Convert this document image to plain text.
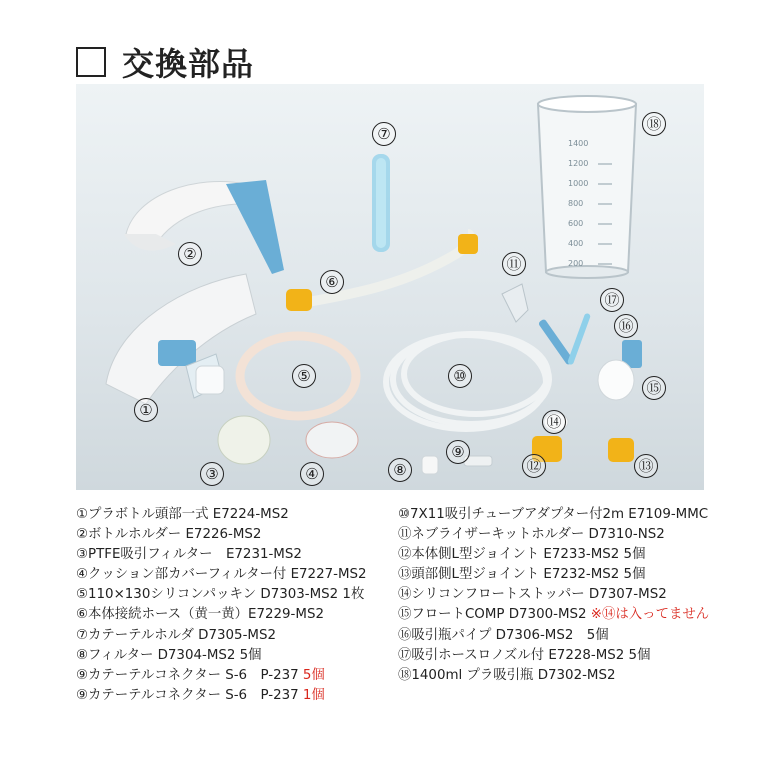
交換部品
1400
1200
1000
800
600
400
200
①
②
③	④
⑤
⑥
⑦
⑧
⑨
⑩
⑪
⑫	⑬
⑭
⑮
⑯
⑰
⑱
①プラボトル頭部一式 E7224-MS2
②ボトルホルダー E7226-MS2
③PTFE吸引フィルター　E7231-MS2
④クッション部カバーフィルター付 E7227-MS2
⑤110×130シリコンパッキン D7303-MS2 1枚
⑥本体接続ホース（黄一黄）E7229-MS2
⑦カテーテルホルダ D7305-MS2
⑧フィルター D7304-MS2 5個
⑨カテーテルコネクター S-6　P-237 5個
⑨カテーテルコネクター S-6　P-237 1個
⑩7X11吸引チューブアダプター付2m E7109-MMC
⑪ネブライザーキットホルダー D7310-NS2
⑫本体側L型ジョイント E7233-MS2 5個
⑬頭部側L型ジョイント E7232-MS2 5個
⑭シリコンフロートストッパー D7307-MS2
⑮フロートCOMP D7300-MS2 ※⑭は入ってません
⑯吸引瓶パイプ D7306-MS2　5個
⑰吸引ホースロノズル付 E7228-MS2 5個
⑱1400ml プラ吸引瓶 D7302-MS2
